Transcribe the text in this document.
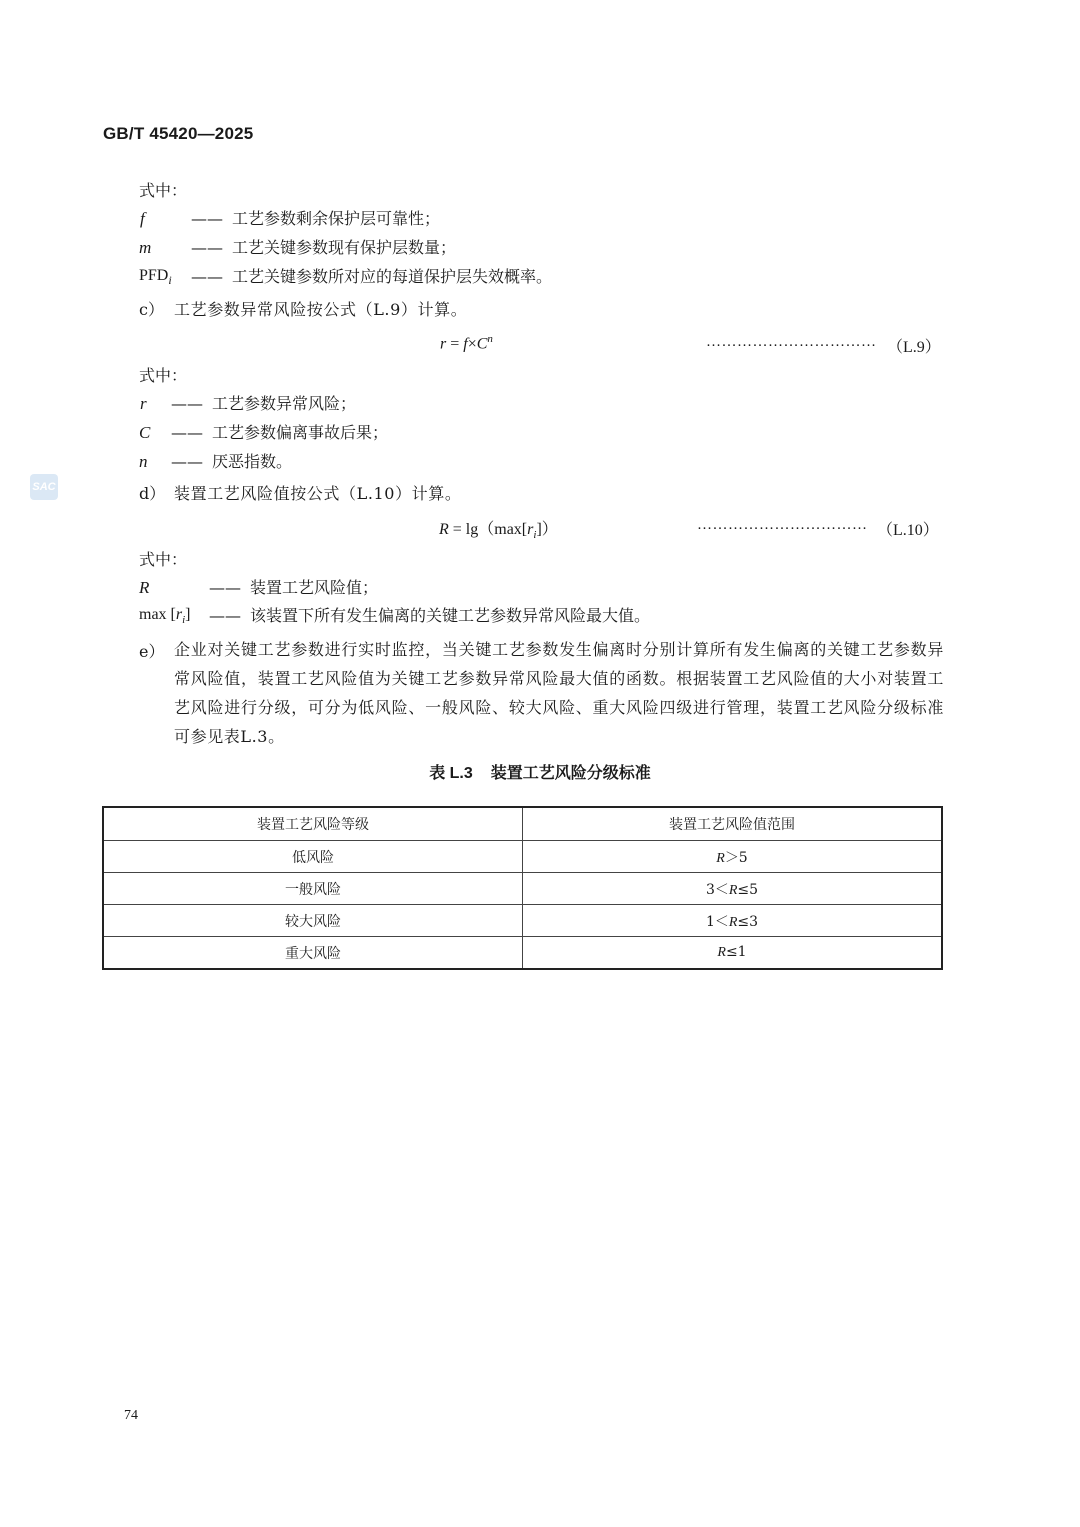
GB/T 45420—2025
SAC
式中：
f	—— 工艺参数剩余保护层可靠性；
m —— 工艺关键参数现有保护层数量；
$PFD_i$ —— 工艺关键参数所对应的每道保护层失效概率。
c） 工艺参数异常风险按公式（L.9）计算。
$r = f\times C^n$	…………………………… （L.9）
式中：
r —— 工艺参数异常风险；
C —— 工艺参数偏离事故后果；
n —— 厌恶指数。
d） 装置工艺风险值按公式（L.10）计算。
$R = \lg(\max[r_i])$	…………………………… （L.10）
式中：
R	—— 装置工艺风险值；
$\max [r_i]$ —— 该装置下所有发生偏离的关键工艺参数异常风险最大值。
e） 企业对关键工艺参数进行实时监控，当关键工艺参数发生偏离时分别计算所有发生偏离的关键工艺参数异常风险值，装置工艺风险值为关键工艺参数异常风险最大值的函数。根据装置工艺风险值的大小对装置工艺风险进行分级，可分为低风险、一般风险、较大风险、重大风险四级进行管理，装置工艺风险分级标准可参见表L.3。
表 L.3 装置工艺风险分级标准
装置工艺风险等级	装置工艺风险值范围
低风险	R＞5
一般风险	3＜R≤5
较大风险	1＜R≤3
重大风险	R≤1
74
